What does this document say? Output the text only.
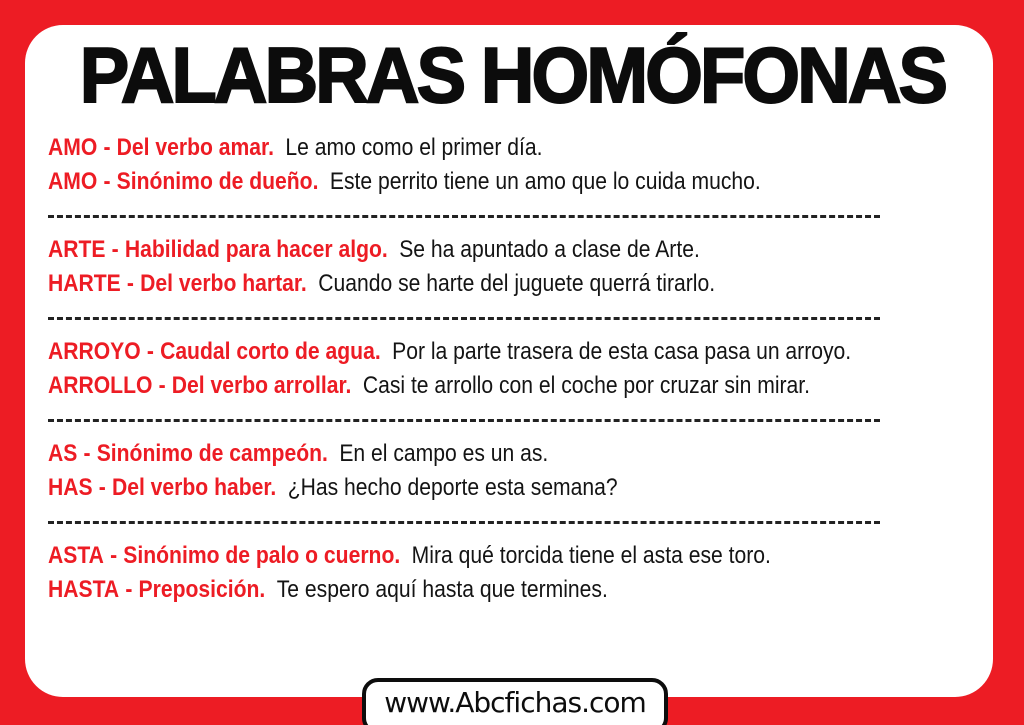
PALABRAS HOMÓFONAS
AMO - Del verbo amar. Le amo como el primer día.
AMO - Sinónimo de dueño. Este perrito tiene un amo que lo cuida mucho.
ARTE - Habilidad para hacer algo. Se ha apuntado a clase de Arte.
HARTE - Del verbo hartar. Cuando se harte del juguete querrá tirarlo.
ARROYO - Caudal corto de agua. Por la parte trasera de esta casa pasa un arroyo.
ARROLLO - Del verbo arrollar. Casi te arrollo con el coche por cruzar sin mirar.
AS - Sinónimo de campeón. En el campo es un as.
HAS - Del verbo haber. ¿Has hecho deporte esta semana?
ASTA - Sinónimo de palo o cuerno. Mira qué torcida tiene el asta ese toro.
HASTA - Preposición. Te espero aquí hasta que termines.
www.Abcfichas.com
